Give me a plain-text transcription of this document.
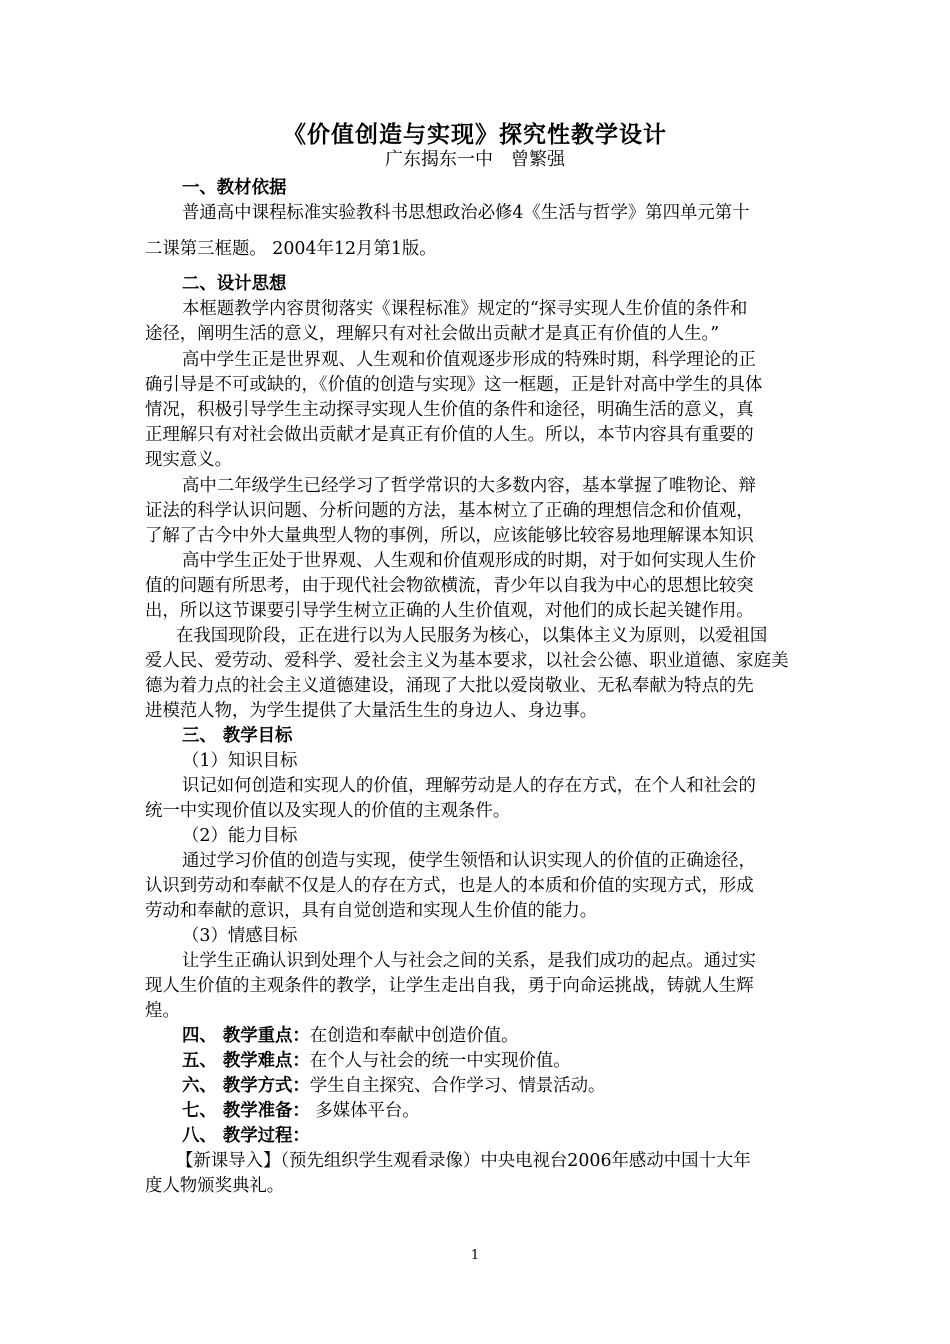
《价值创造与实现》探究性教学设计
广东揭东一中　曾繁强
一、教材依据
普通高中课程标准实验教科书思想政治必修4《生活与哲学》第四单元第十
二课第三框题。 2004年12月第1版。
二、设计思想
本框题教学内容贯彻落实《课程标准》规定的“探寻实现人生价值的条件和
途径，阐明生活的意义，理解只有对社会做出贡献才是真正有价值的人生。”
高中学生正是世界观、人生观和价值观逐步形成的特殊时期，科学理论的正
确引导是不可或缺的，《价值的创造与实现》这一框题，正是针对高中学生的具体
情况，积极引导学生主动探寻实现人生价值的条件和途径，明确生活的意义，真
正理解只有对社会做出贡献才是真正有价值的人生。所以，本节内容具有重要的
现实意义。
高中二年级学生已经学习了哲学常识的大多数内容，基本掌握了唯物论、辩
证法的科学认识问题、分析问题的方法，基本树立了正确的理想信念和价值观，
了解了古今中外大量典型人物的事例，所以，应该能够比较容易地理解课本知识
高中学生正处于世界观、人生观和价值观形成的时期，对于如何实现人生价
值的问题有所思考，由于现代社会物欲横流，青少年以自我为中心的思想比较突
出，所以这节课要引导学生树立正确的人生价值观，对他们的成长起关键作用。
在我国现阶段，正在进行以为人民服务为核心，以集体主义为原则，以爱祖国
爱人民、爱劳动、爱科学、爱社会主义为基本要求，以社会公德、职业道德、家庭美
德为着力点的社会主义道德建设，涌现了大批以爱岗敬业、无私奉献为特点的先
进模范人物，为学生提供了大量活生生的身边人、身边事。
三、 教学目标
（1）知识目标
识记如何创造和实现人的价值，理解劳动是人的存在方式，在个人和社会的
统一中实现价值以及实现人的价值的主观条件。
（2）能力目标
通过学习价值的创造与实现，使学生领悟和认识实现人的价值的正确途径，
认识到劳动和奉献不仅是人的存在方式，也是人的本质和价值的实现方式，形成
劳动和奉献的意识，具有自觉创造和实现人生价值的能力。
（3）情感目标
让学生正确认识到处理个人与社会之间的关系，是我们成功的起点。通过实
现人生价值的主观条件的教学，让学生走出自我，勇于向命运挑战，铸就人生辉
煌。
四、 教学重点：在创造和奉献中创造价值。
五、 教学难点：在个人与社会的统一中实现价值。
六、 教学方式：学生自主探究、合作学习、情景活动。
七、 教学准备： 多媒体平台。
八、 教学过程：
【新课导入】（预先组织学生观看录像）中央电视台2006年感动中国十大年
度人物颁奖典礼。
1
